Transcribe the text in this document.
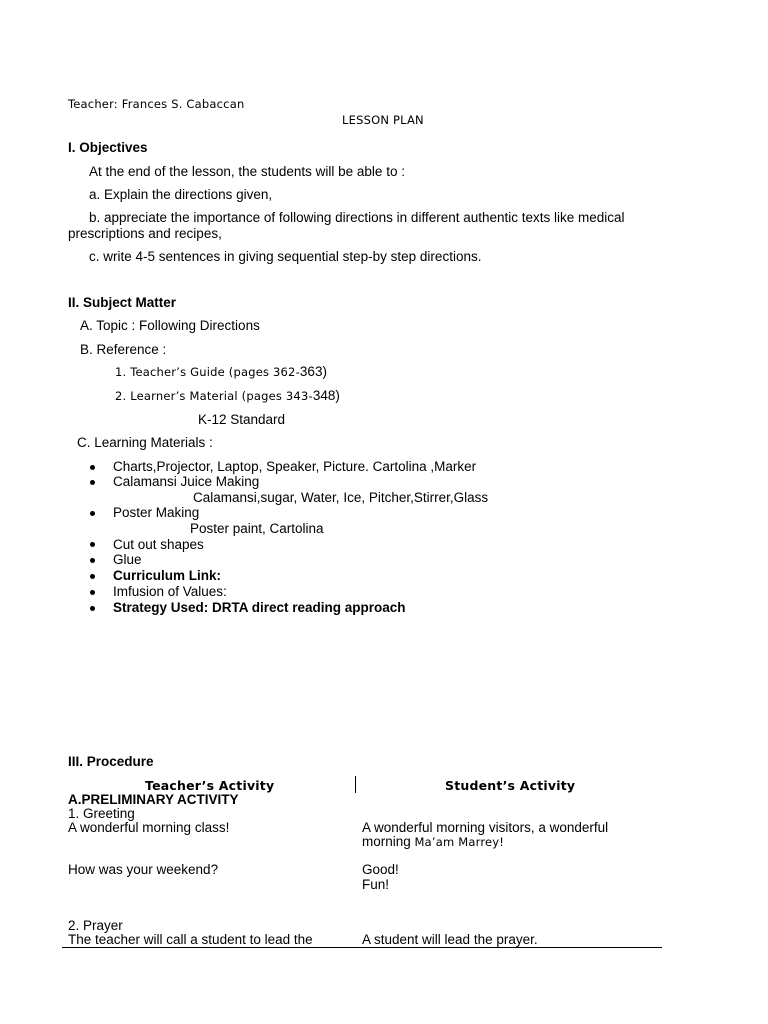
Teacher: Frances S. Cabaccan
LESSON PLAN
I. Objectives
At the end of the lesson, the students will be able to :
a. Explain the directions given,
b. appreciate the importance of following directions in different authentic texts like medical
prescriptions and recipes,
c. write 4-5 sentences in giving sequential step-by step directions.
II. Subject Matter
A. Topic : Following Directions
B. Reference :
1. Teacher’s Guide (pages 362-363)
2. Learner’s Material (pages 343-348)
K-12 Standard
C. Learning Materials :
Charts,Projector, Laptop, Speaker, Picture. Cartolina ,Marker
Calamansi Juice Making
Calamansi,sugar, Water, Ice, Pitcher,Stirrer,Glass
Poster Making
Poster paint, Cartolina
Cut out shapes
Glue
Curriculum Link:
Imfusion of Values:
Strategy Used: DRTA direct reading approach
III. Procedure
Teacher’s Activity	Student’s Activity
A.PRELIMINARY ACTIVITY
1. Greeting
A wonderful morning class!	A wonderful morning visitors, a wonderful
morning Ma’am Marrey!
How was your weekend?	Good!
Fun!
2. Prayer
The teacher will call a student to lead the	A student will lead the prayer.
